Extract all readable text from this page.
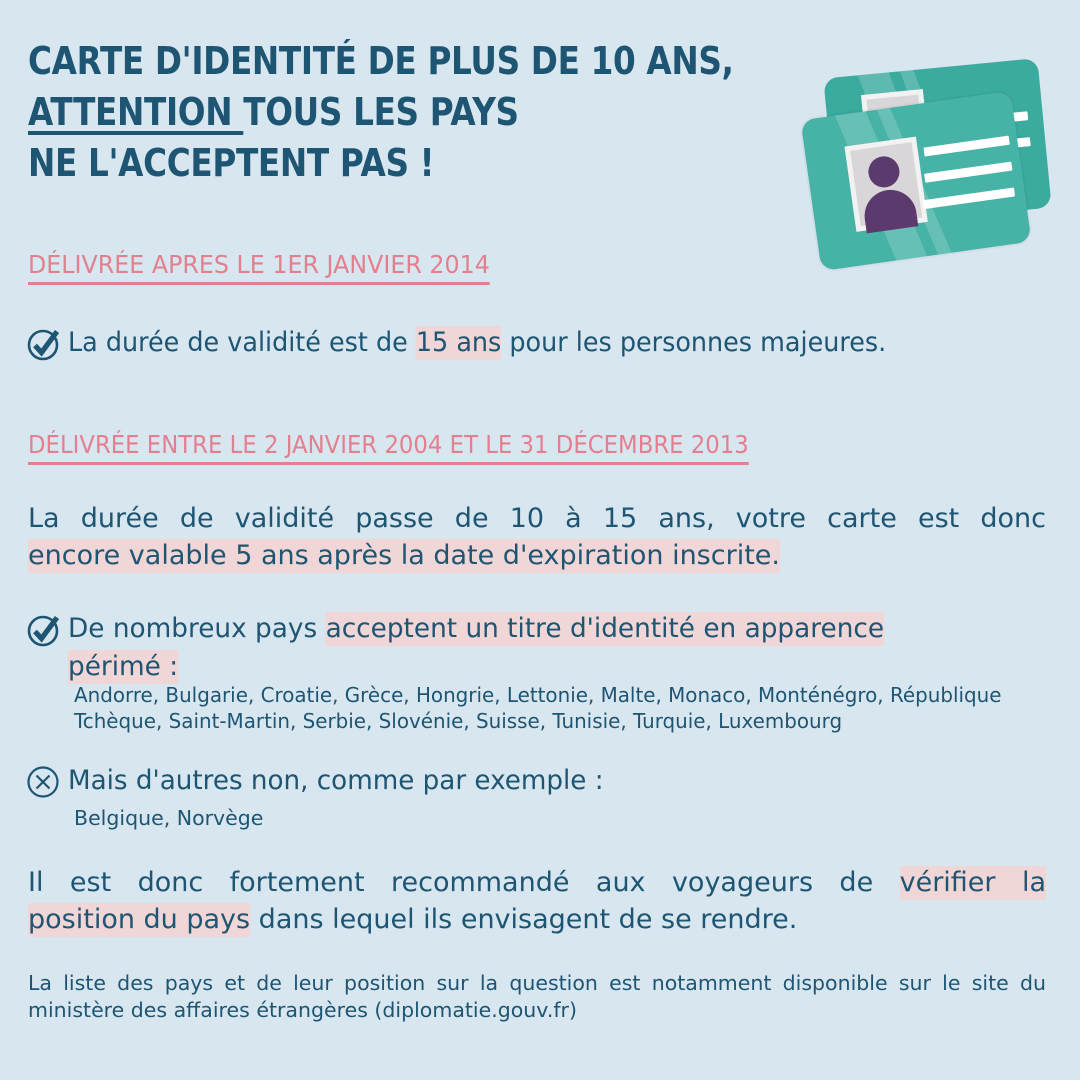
CARTE D'IDENTITÉ DE PLUS DE 10 ANS,
ATTENTION TOUS LES PAYS
NE L'ACCEPTENT PAS !
DÉLIVRÉE APRES LE 1ER JANVIER 2014
La durée de validité est de 15 ans pour les personnes majeures.
DÉLIVRÉE ENTRE LE 2 JANVIER 2004 ET LE 31 DÉCEMBRE 2013
La durée de validité passe de 10 à 15 ans, votre carte est donc
encore valable 5 ans après la date d'expiration inscrite.
De nombreux pays acceptent un titre d'identité en apparence
périmé :
Andorre, Bulgarie, Croatie, Grèce, Hongrie, Lettonie, Malte, Monaco, Monténégro, République Tchèque, Saint-Martin, Serbie, Slovénie, Suisse, Tunisie, Turquie, Luxembourg
Mais d'autres non, comme par exemple :
Belgique, Norvège
Il est donc fortement recommandé aux voyageurs de vérifier la
position du pays dans lequel ils envisagent de se rendre.
La liste des pays et de leur position sur la question est notamment disponible sur le site du
ministère des affaires étrangères (diplomatie.gouv.fr)
